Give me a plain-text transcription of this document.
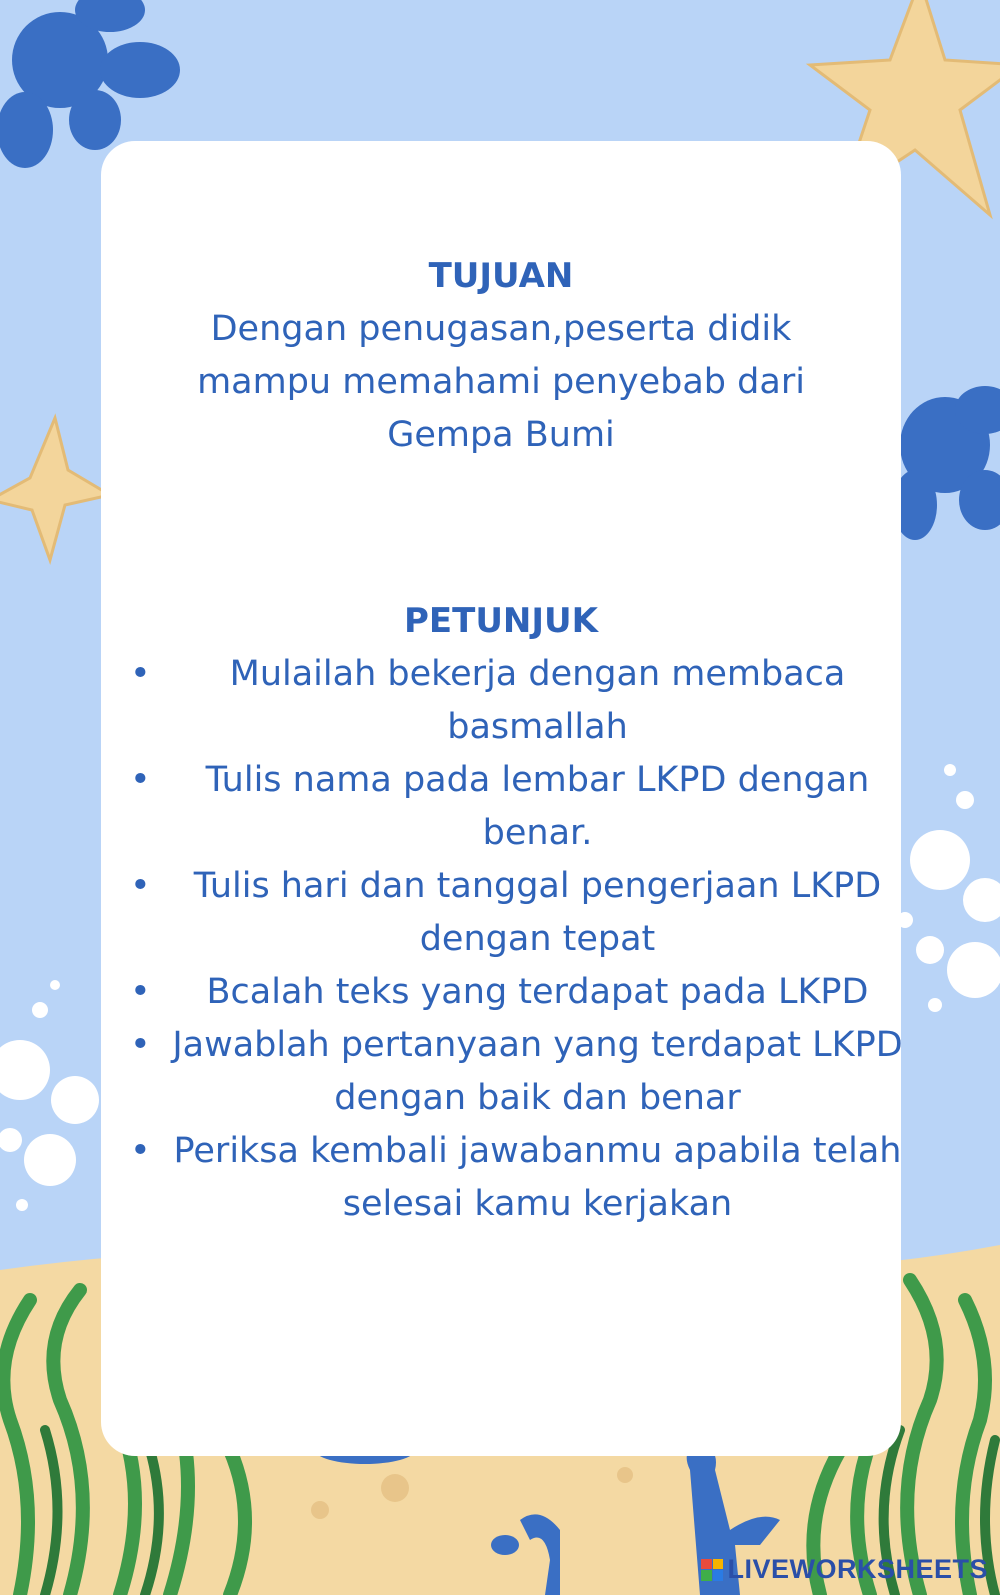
TUJUAN
Dengan penugasan,peserta didik mampu memahami penyebab dari Gempa Bumi
PETUNJUK
• Mulailah bekerja dengan membaca basmallah
• Tulis nama pada lembar LKPD dengan benar.
• Tulis hari dan tanggal pengerjaan LKPD dengan tepat
• Bcalah teks yang terdapat pada LKPD
• Jawablah pertanyaan yang terdapat LKPD dengan baik dan benar
• Periksa kembali jawabanmu apabila telah selesai kamu kerjakan
LIVEWORKSHEETS
